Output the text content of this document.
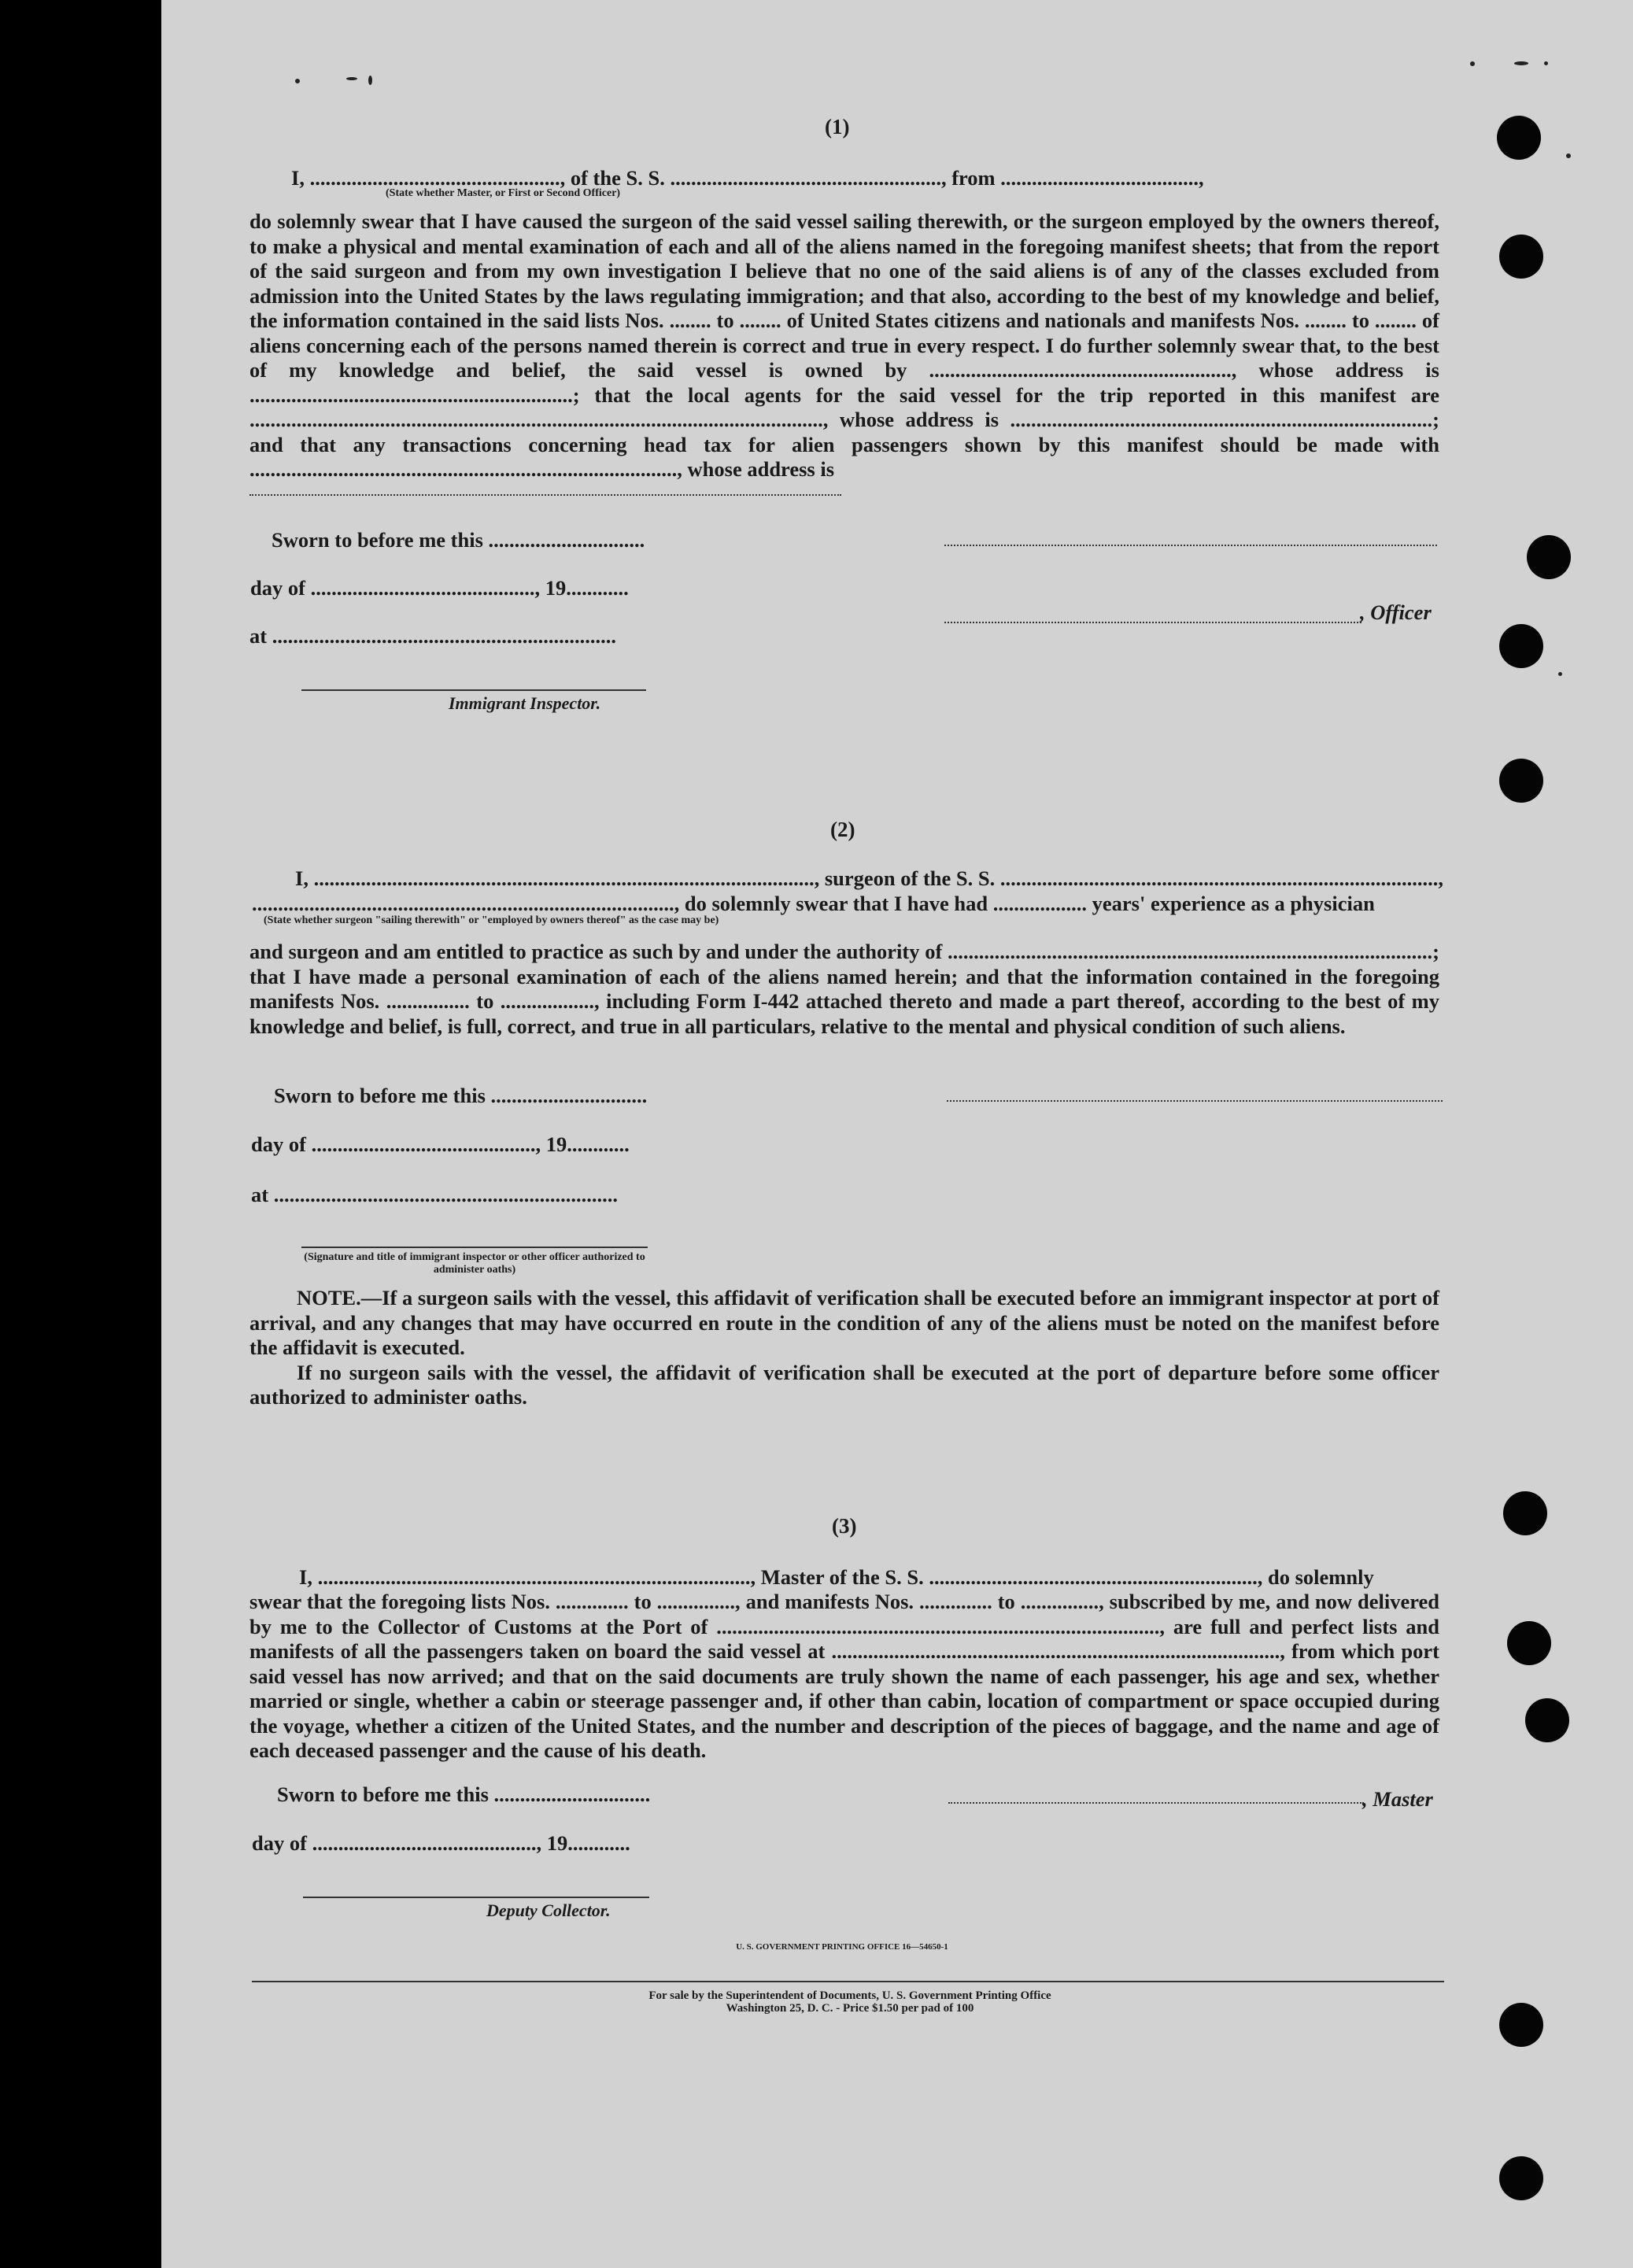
(1)
I, ................................................, of the S. S. ...................................................., from ......................................,
(State whether Master, or First or Second Officer)

do solemnly swear that I have caused the surgeon of the said vessel sailing therewith, or the surgeon employed by the owners thereof, to make a physical and mental examination of each and all of the aliens named in the foregoing manifest sheets; that from the report of the said surgeon and from my own investigation I believe that no one of the said aliens is of any of the classes excluded from admission into the United States by the laws regulating immigration; and that also, according to the best of my knowledge and belief, the information contained in the said lists Nos. ........ to ........ of United States citizens and nationals and manifests Nos. ........ to ........ of aliens concerning each of the persons named therein is correct and true in every respect. I do further solemnly swear that, to the best of my knowledge and belief, the said vessel is owned by .........................................................., whose address is ..............................................................; that the local agents for the said vessel for the trip reported in this manifest are .............................................................................................................., whose address is .................................................................................; and that any transactions concerning head tax for alien passengers shown by this manifest should be made with .................................................................................., whose address is

Sworn to before me this ..............................
day of ..........................................., 19............
at ..................................................................
Immigrant Inspector.
, Officer
(2)
I, ................................................................................................, surgeon of the S. S. ....................................................................................,
................................................................................., do solemnly swear that I have had .................. years' experience as a physician
(State whether surgeon "sailing therewith" or "employed by owners thereof" as the case may be)

and surgeon and am entitled to practice as such by and under the authority of .............................................................................................; that I have made a personal examination of each of the aliens named herein; and that the information contained in the foregoing manifests Nos. ................ to .................., including Form I-442 attached thereto and made a part thereof, according to the best of my knowledge and belief, is full, correct, and true in all particulars, relative to the mental and physical condition of such aliens.

Sworn to before me this ..............................
day of ..........................................., 19............
at ..................................................................
(Signature and title of immigrant inspector or other officer authorized to administer oaths)

NOTE.—If a surgeon sails with the vessel, this affidavit of verification shall be executed before an immigrant inspector at port of arrival, and any changes that may have occurred en route in the condition of any of the aliens must be noted on the manifest before the affidavit is executed.

If no surgeon sails with the vessel, the affidavit of verification shall be executed at the port of departure before some officer authorized to administer oaths.

(3)
I, ..................................................................................., Master of the S. S. ..............................................................., do solemnly

swear that the foregoing lists Nos. .............. to ..............., and manifests Nos. .............. to ..............., subscribed by me, and now delivered by me to the Collector of Customs at the Port of ....................................................................................., are full and perfect lists and manifests of all the passengers taken on board the said vessel at ......................................................................................, from which port said vessel has now arrived; and that on the said documents are truly shown the name of each passenger, his age and sex, whether married or single, whether a cabin or steerage passenger and, if other than cabin, location of compartment or space occupied during the voyage, whether a citizen of the United States, and the number and description of the pieces of baggage, and the name and age of each deceased passenger and the cause of his death.

Sworn to before me this ..............................
day of ..........................................., 19............
, Master
Deputy Collector.
U. S. GOVERNMENT PRINTING OFFICE 16—54650-1
For sale by the Superintendent of Documents, U. S. Government Printing Office
Washington 25, D. C. - Price $1.50 per pad of 100
